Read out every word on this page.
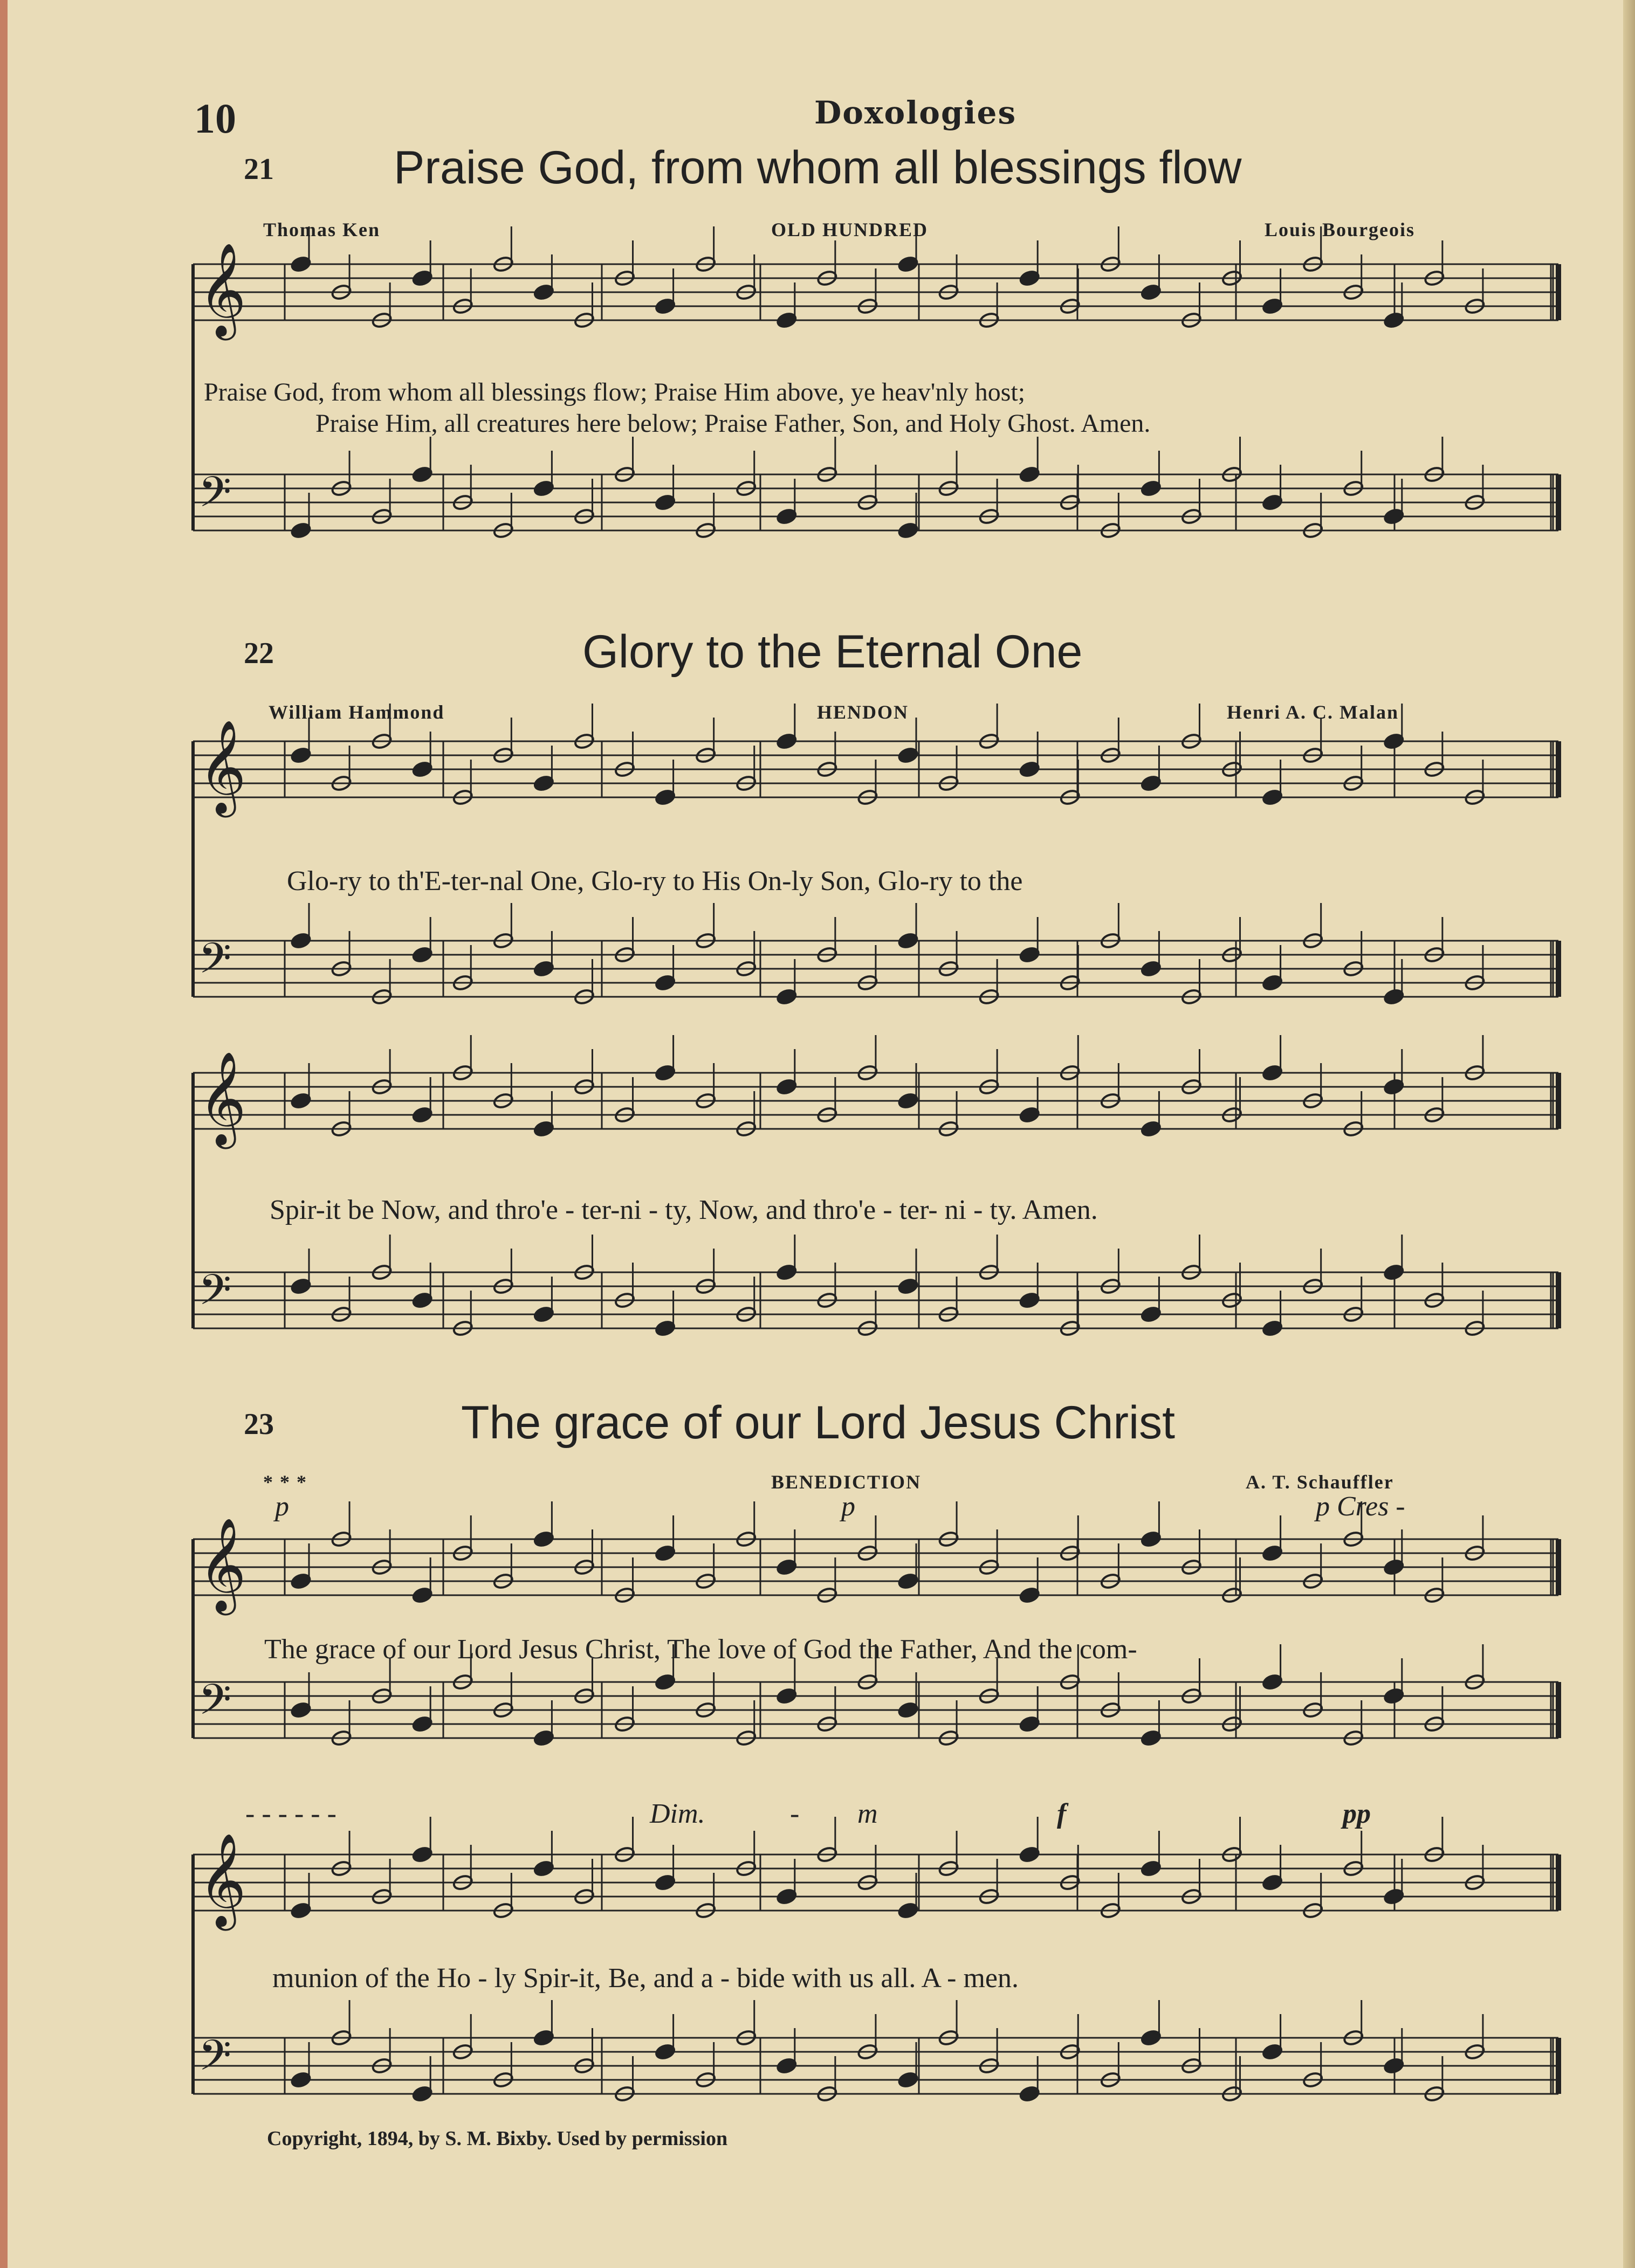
10	Doxologies
21	Praise God, from whom all blessings flow
Thomas Ken	OLD HUNDRED	Louis Bourgeois
Praise God, from whom all blessings flow; Praise Him above, ye heav'nly host;
Praise Him, all creatures here below; Praise Father, Son, and Holy Ghost. Amen.
22	Glory to the Eternal One
William Hammond	HENDON	Henri A. C. Malan
Glo-ry to th'E-ter-nal One, Glo-ry to His On-ly Son, Glo-ry to the
Spir-it be Now, and thro'e - ter-ni - ty, Now, and thro'e - ter- ni - ty. Amen.
23	The grace of our Lord Jesus Christ
* * *	BENEDICTION	A. T. Schauffler
p	p	p Cres -
The grace of our Lord Jesus Christ, The love of God the Father, And the com-
- - - - - -	Dim.	- m	f	pp
munion of the Ho - ly Spir-it, Be, and a - bide with us all. A - men.
Copyright, 1894, by S. M. Bixby. Used by permission
𝄞
𝄢
𝄞
𝄢
𝄞
𝄢
𝄞
𝄢
𝄞
𝄢
